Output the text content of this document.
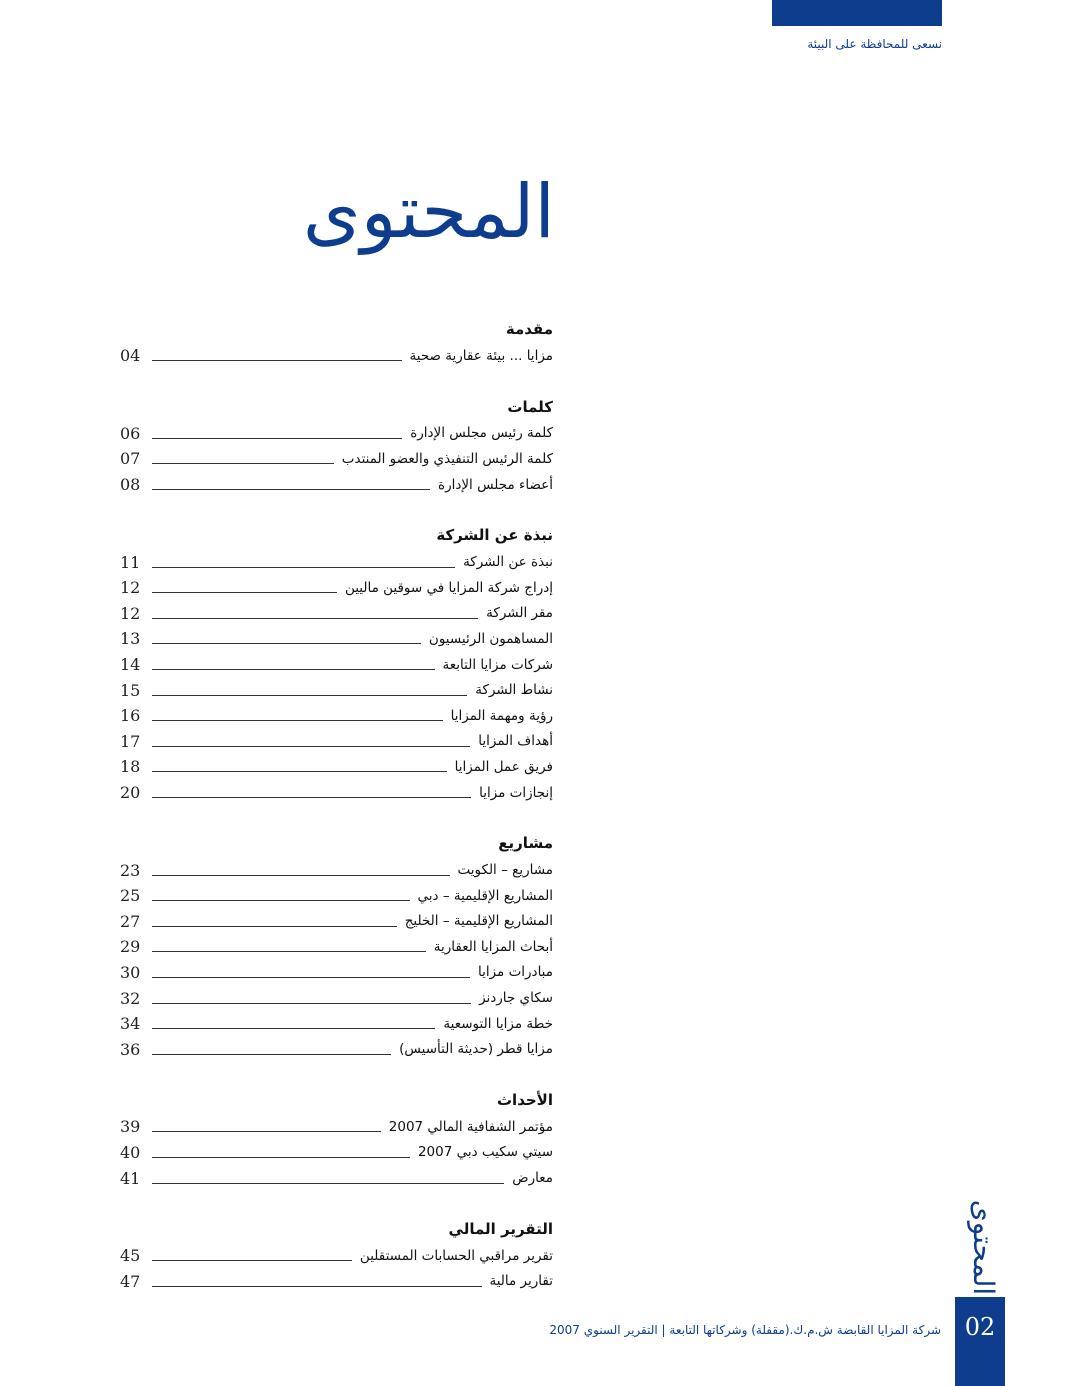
نسعى للمحافظة على البيئة
المحتوى
مقدمة
04	مزايا ... بيئة عقارية صحية
كلمات
06	كلمة رئيس مجلس الإدارة
07	كلمة الرئيس التنفيذي والعضو المنتدب
08	أعضاء مجلس الإدارة
نبذة عن الشركة
11	نبذة عن الشركة
12	إدراج شركة المزايا في سوقين ماليين
12	مقر الشركة
13	المساهمون الرئيسيون
14	شركات مزايا التابعة
15	نشاط الشركة
16	رؤية ومهمة المزايا
17	أهداف المزايا
18	فريق عمل المزايا
20	إنجازات مزايا
مشاريع
23	مشاريع – الكويت
25	المشاريع الإقليمية – دبي
27	المشاريع الإقليمية – الخليج
29	أبحاث المزايا العقارية
30	مبادرات مزايا
32	سكاي جاردنز
34	خطة مزايا التوسعية
36	مزايا قطر (حديثة التأسيس)
الأحداث
39	مؤتمر الشفافية المالي 2007
40	سيتي سكيب دبي 2007
41	معارض
التقرير المالي
45	تقرير مراقبي الحسابات المستقلين
47	تقارير مالية	المحتوى
شركة المزايا القابضة ش.م.ك.(مقفلة) وشركاتها التابعة | التقرير السنوي 2007 02
